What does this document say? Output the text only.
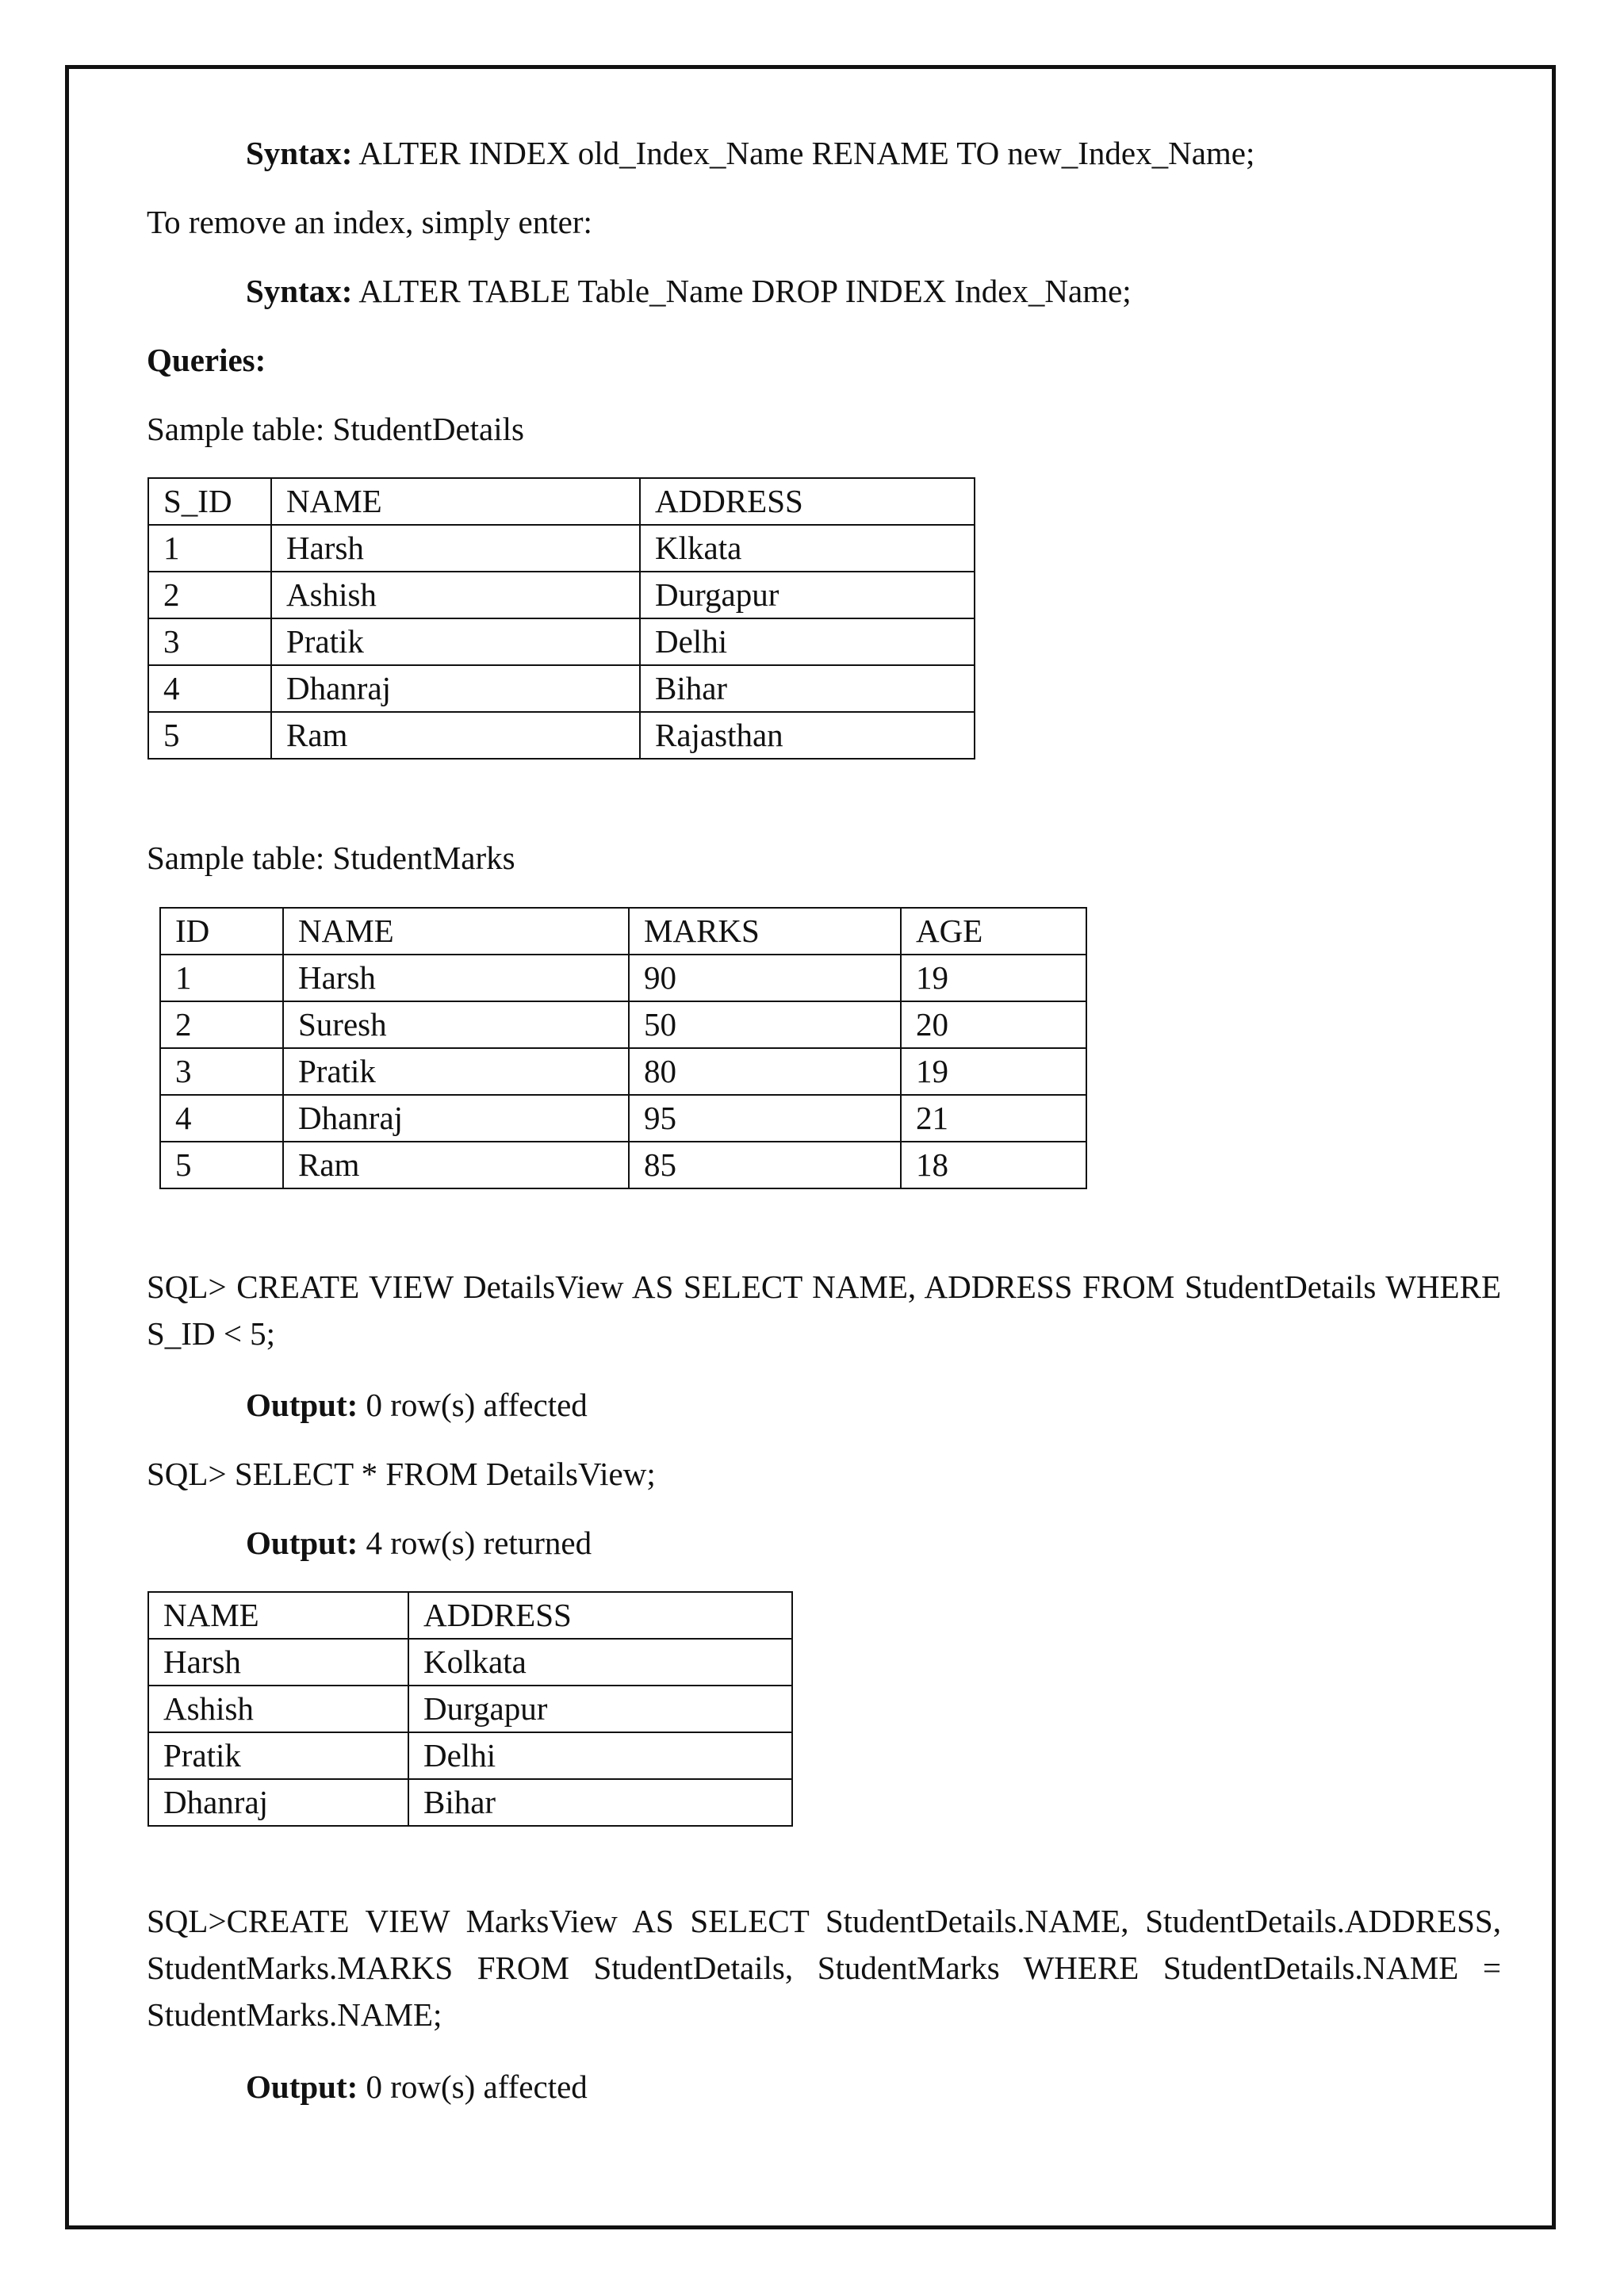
Syntax: ALTER INDEX old_Index_Name RENAME TO new_Index_Name;
To remove an index, simply enter:
Syntax: ALTER TABLE Table_Name DROP INDEX Index_Name;
Queries:
Sample table: StudentDetails
S_ID	NAME	ADDRESS
1	Harsh	Klkata
2	Ashish	Durgapur
3	Pratik	Delhi
4	Dhanraj	Bihar
5	Ram	Rajasthan
Sample table: StudentMarks
ID	NAME	MARKS	AGE
1	Harsh	90	19
2	Suresh	50	20
3	Pratik	80	19
4	Dhanraj	95	21
5	Ram	85	18
SQL> CREATE VIEW DetailsView AS SELECT NAME, ADDRESS FROM StudentDetails WHERE S_ID < 5;
Output: 0 row(s) affected
SQL> SELECT * FROM DetailsView;
Output: 4 row(s) returned
NAME	ADDRESS
Harsh	Kolkata
Ashish	Durgapur
Pratik	Delhi
Dhanraj	Bihar
SQL>CREATE VIEW MarksView AS SELECT StudentDetails.NAME, StudentDetails.ADDRESS, StudentMarks.MARKS FROM StudentDetails, StudentMarks WHERE StudentDetails.NAME = StudentMarks.NAME;
Output: 0 row(s) affected
